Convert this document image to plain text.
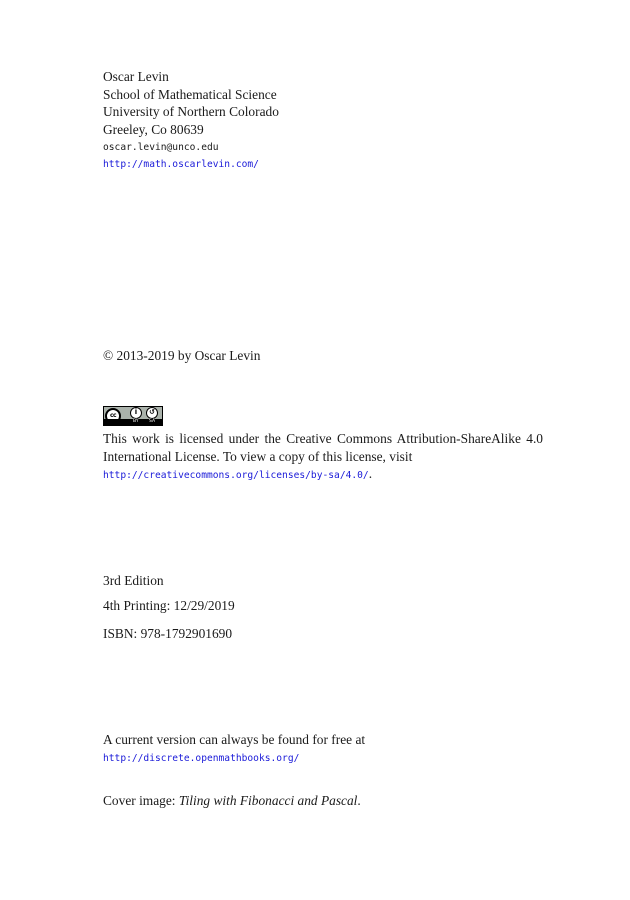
Oscar Levin
School of Mathematical Science
University of Northern Colorado
Greeley, Co 80639
oscar.levin@unco.edu
http://math.oscarlevin.com/
© 2013-2019 by Oscar Levin
cc	i	↺
BY SA
This work is licensed under the Creative Commons Attribution-ShareAlike 4.0 International License. To view a copy of this license, visit
http://creativecommons.org/licenses/by-sa/4.0/.
3rd Edition
4th Printing: 12/29/2019
ISBN: 978-1792901690
A current version can always be found for free at
http://discrete.openmathbooks.org/
Cover image: Tiling with Fibonacci and Pascal.
